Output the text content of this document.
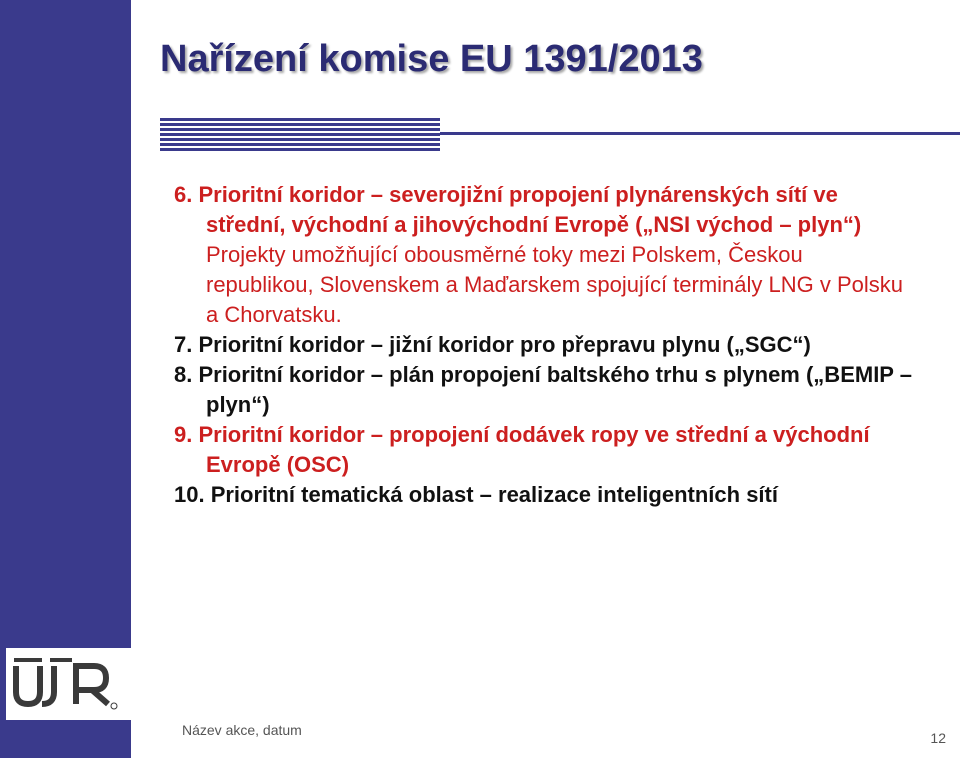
Nařízení komise EU 1391/2013

6. Prioritní koridor – severojižní propojení plynárenských sítí ve střední, východní a jihovýchodní Evropě („NSI východ – plyn“) Projekty umožňující obousměrné toky mezi Polskem, Českou republikou, Slovenskem a Maďarskem spojující terminály LNG v Polsku a Chorvatsku.

7. Prioritní koridor – jižní koridor pro přepravu plynu („SGC“)

8. Prioritní koridor – plán propojení baltského trhu s plynem („BEMIP – plyn“)

9. Prioritní koridor – propojení dodávek ropy ve střední a východní Evropě (OSC)

10. Prioritní tematická oblast – realizace inteligentních sítí

Název akce, datum	12
